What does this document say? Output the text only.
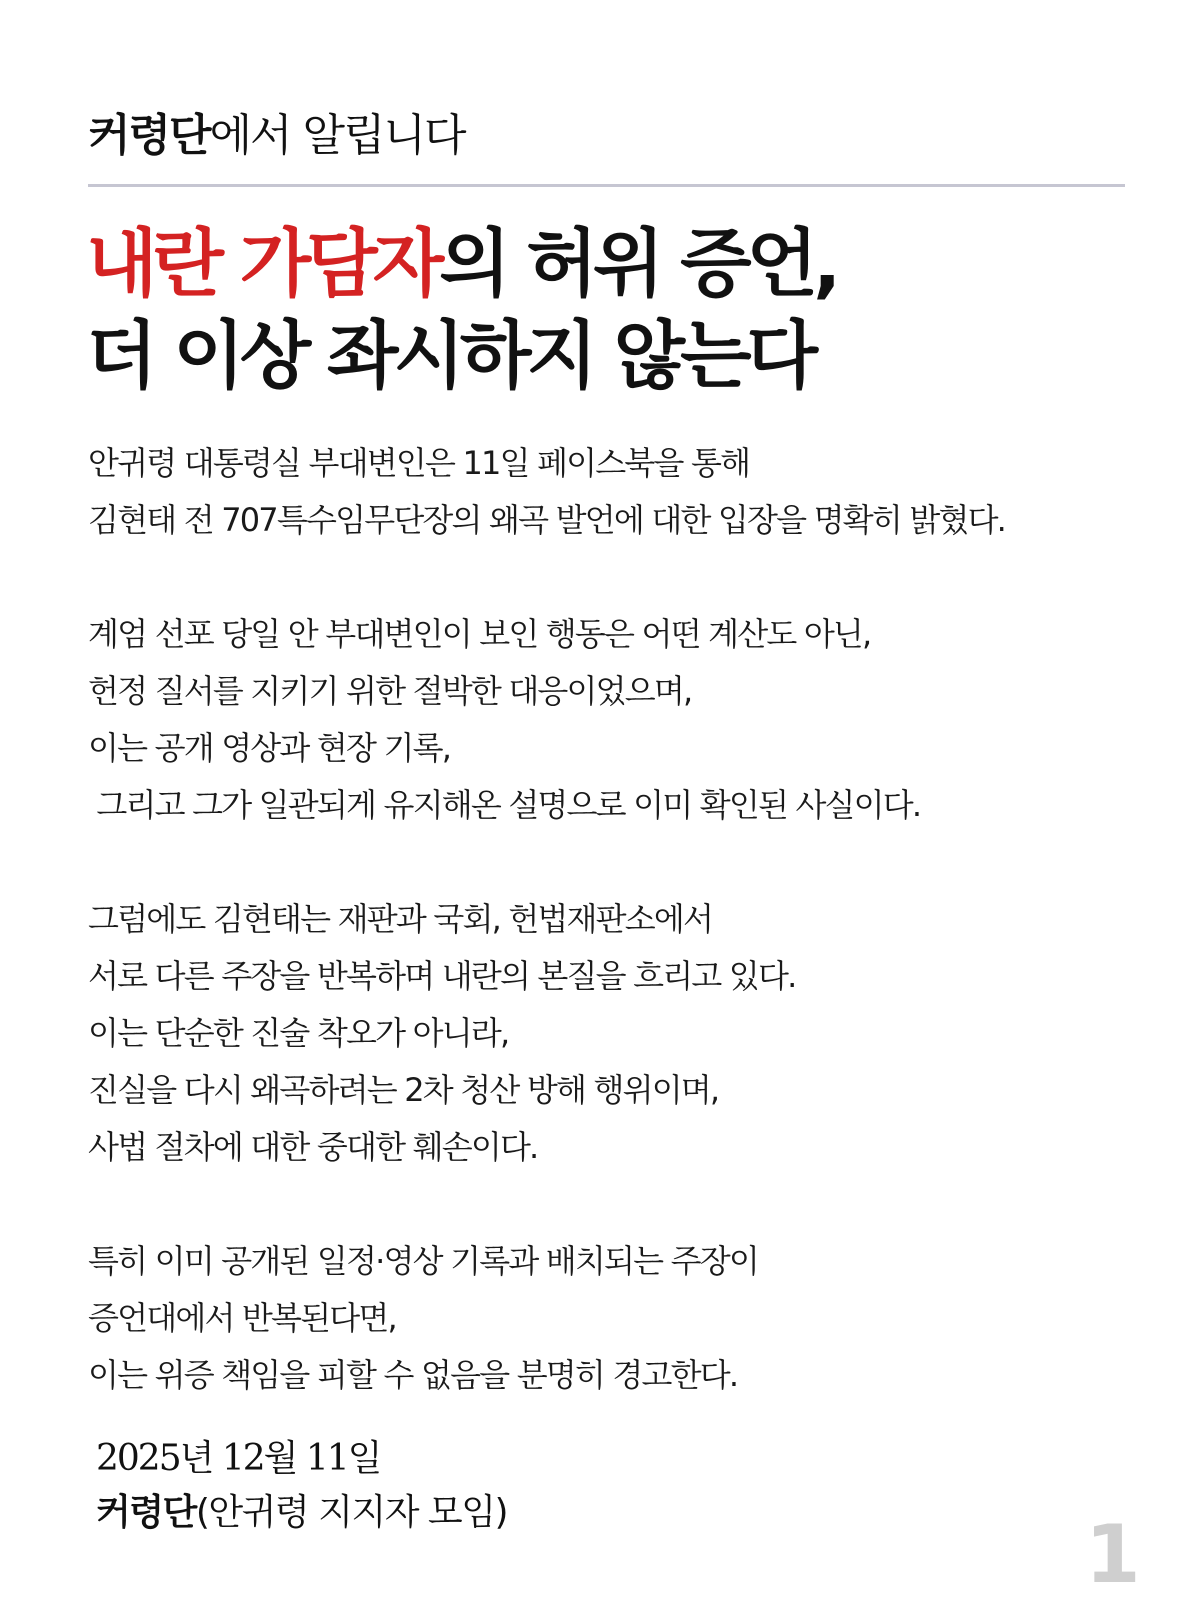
커령단에서 알립니다
내란 가담자의 허위 증언,
더 이상 좌시하지 않는다
안귀령 대통령실 부대변인은 11일 페이스북을 통해
김현태 전 707특수임무단장의 왜곡 발언에 대한 입장을 명확히 밝혔다.
계엄 선포 당일 안 부대변인이 보인 행동은 어떤 계산도 아닌,
헌정 질서를 지키기 위한 절박한 대응이었으며,
이는 공개 영상과 현장 기록,
그리고 그가 일관되게 유지해온 설명으로 이미 확인된 사실이다.
그럼에도 김현태는 재판과 국회, 헌법재판소에서
서로 다른 주장을 반복하며 내란의 본질을 흐리고 있다.
이는 단순한 진술 착오가 아니라,
진실을 다시 왜곡하려는 2차 청산 방해 행위이며,
사법 절차에 대한 중대한 훼손이다.
특히 이미 공개된 일정·영상 기록과 배치되는 주장이
증언대에서 반복된다면,
이는 위증 책임을 피할 수 없음을 분명히 경고한다.
2025년 12월 11일
커령단(안귀령 지지자 모임)	1
